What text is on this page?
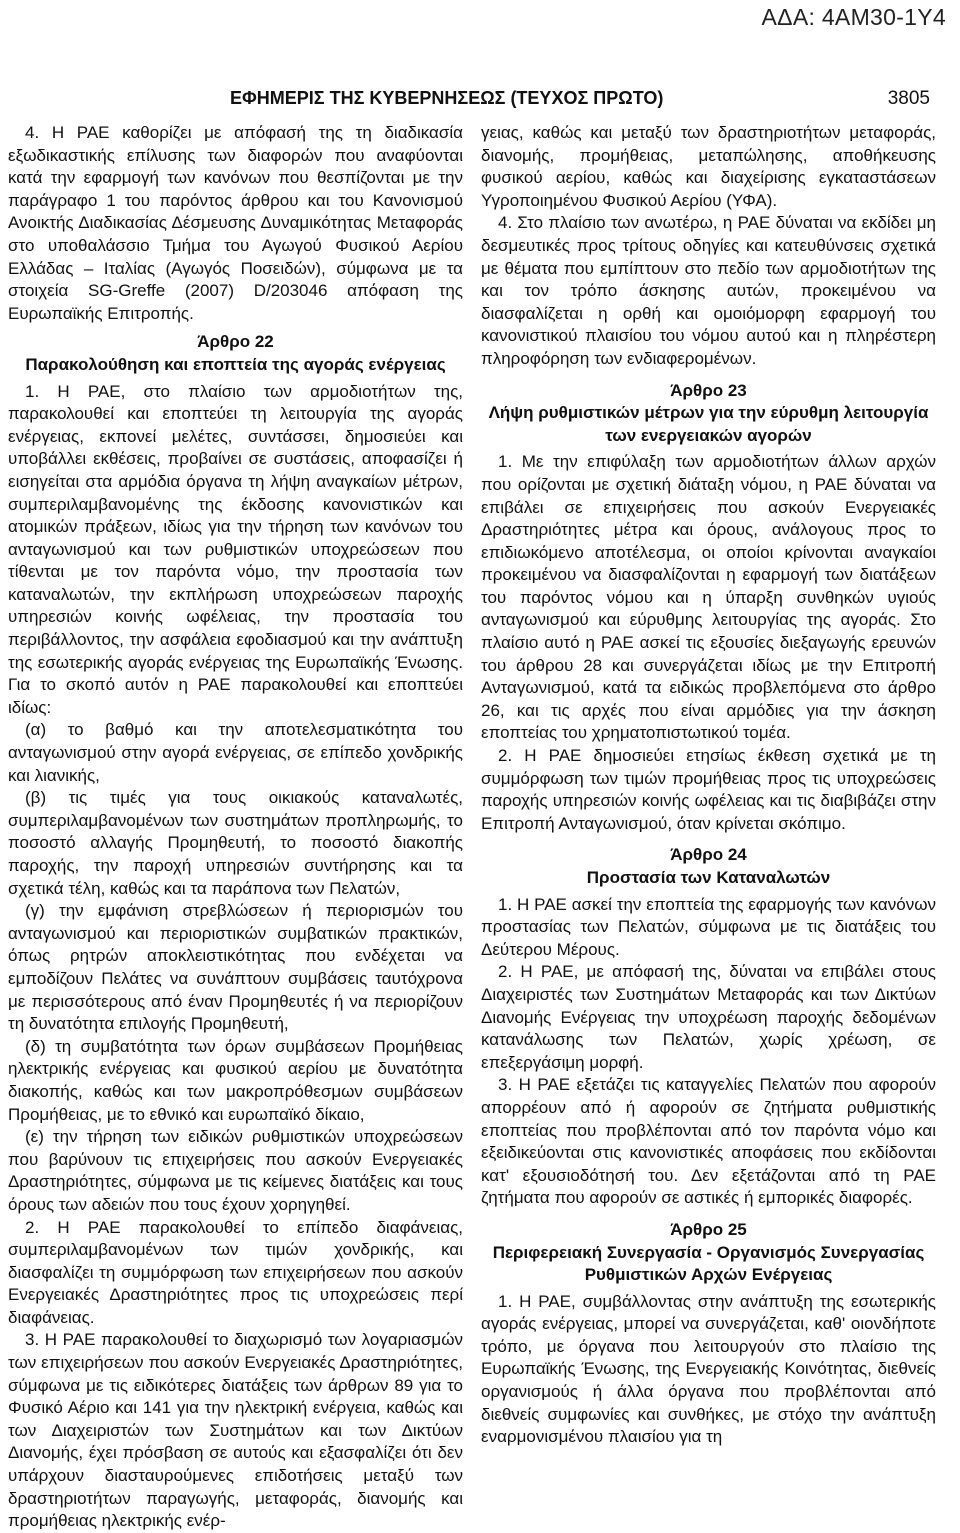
ΑΔΑ: 4ΑΜ30-1Υ4
ΕΦΗΜΕΡΙΣ ΤΗΣ ΚΥΒΕΡΝΗΣΕΩΣ (ΤΕΥΧΟΣ ΠΡΩΤΟ)	3805

4. Η ΡΑΕ καθορίζει με απόφασή της τη διαδικασία εξωδικαστικής επίλυσης των διαφορών που αναφύονται κατά την εφαρμογή των κανόνων που θεσπίζονται με την παράγραφο 1 του παρόντος άρθρου και του Κανονισμού Ανοικτής Διαδικασίας Δέσμευσης Δυναμικότητας Μεταφοράς στο υποθαλάσσιο Τμήμα του Αγωγού Φυσικού Αερίου Ελλάδας – Ιταλίας (Αγωγός Ποσειδών), σύμφωνα με τα στοιχεία SG-Greffe (2007) D/203046 απόφαση της Ευρωπαϊκής Επιτροπής.

Άρθρο 22
Παρακολούθηση και εποπτεία της αγοράς ενέργειας

1. Η ΡΑΕ, στο πλαίσιο των αρμοδιοτήτων της, παρακολουθεί και εποπτεύει τη λειτουργία της αγοράς ενέργειας, εκπονεί μελέτες, συντάσσει, δημοσιεύει και υποβάλλει εκθέσεις, προβαίνει σε συστάσεις, αποφασίζει ή εισηγείται στα αρμόδια όργανα τη λήψη αναγκαίων μέτρων, συμπεριλαμβανομένης της έκδοσης κανονιστικών και ατομικών πράξεων, ιδίως για την τήρηση των κανόνων του ανταγωνισμού και των ρυθμιστικών υποχρεώσεων που τίθενται με τον παρόντα νόμο, την προστασία των καταναλωτών, την εκπλήρωση υποχρεώσεων παροχής υπηρεσιών κοινής ωφέλειας, την προστασία του περιβάλλοντος, την ασφάλεια εφοδιασμού και την ανάπτυξη της εσωτερικής αγοράς ενέργειας της Ευρωπαϊκής Ένωσης. Για το σκοπό αυτόν η ΡΑΕ παρακολουθεί και εποπτεύει ιδίως:

(α) το βαθμό και την αποτελεσματικότητα του ανταγωνισμού στην αγορά ενέργειας, σε επίπεδο χονδρικής και λιανικής,

(β) τις τιμές για τους οικιακούς καταναλωτές, συμπεριλαμβανομένων των συστημάτων προπληρωμής, το ποσοστό αλλαγής Προμηθευτή, το ποσοστό διακοπής παροχής, την παροχή υπηρεσιών συντήρησης και τα σχετικά τέλη, καθώς και τα παράπονα των Πελατών,

(γ) την εμφάνιση στρεβλώσεων ή περιορισμών του ανταγωνισμού και περιοριστικών συμβατικών πρακτικών, όπως ρητρών αποκλειστικότητας που ενδέχεται να εμποδίζουν Πελάτες να συνάπτουν συμβάσεις ταυτόχρονα με περισσότερους από έναν Προμηθευτές ή να περιορίζουν τη δυνατότητα επιλογής Προμηθευτή,

(δ) τη συμβατότητα των όρων συμβάσεων Προμήθειας ηλεκτρικής ενέργειας και φυσικού αερίου με δυνατότητα διακοπής, καθώς και των μακροπρόθεσμων συμβάσεων Προμήθειας, με το εθνικό και ευρωπαϊκό δίκαιο,

(ε) την τήρηση των ειδικών ρυθμιστικών υποχρεώσεων που βαρύνουν τις επιχειρήσεις που ασκούν Ενεργειακές Δραστηριότητες, σύμφωνα με τις κείμενες διατάξεις και τους όρους των αδειών που τους έχουν χορηγηθεί.

2. Η ΡΑΕ παρακολουθεί το επίπεδο διαφάνειας, συμπεριλαμβανομένων των τιμών χονδρικής, και διασφαλίζει τη συμμόρφωση των επιχειρήσεων που ασκούν Ενεργειακές Δραστηριότητες προς τις υποχρεώσεις περί διαφάνειας.

3. Η ΡΑΕ παρακολουθεί το διαχωρισμό των λογαριασμών των επιχειρήσεων που ασκούν Ενεργειακές Δραστηριότητες, σύμφωνα με τις ειδικότερες διατάξεις των άρθρων 89 για το Φυσικό Αέριο και 141 για την ηλεκτρική ενέργεια, καθώς και των Διαχειριστών των Συστημάτων και των Δικτύων Διανομής, έχει πρόσβαση σε αυτούς και εξασφαλίζει ότι δεν υπάρχουν διασταυρούμενες επιδοτήσεις μεταξύ των δραστηριοτήτων παραγωγής, μεταφοράς, διανομής και προμήθειας ηλεκτρικής ενέρ-

γειας, καθώς και μεταξύ των δραστηριοτήτων μεταφοράς, διανομής, προμήθειας, μεταπώλησης, αποθήκευσης φυσικού αερίου, καθώς και διαχείρισης εγκαταστάσεων Υγροποιημένου Φυσικού Αερίου (ΥΦΑ).

4. Στο πλαίσιο των ανωτέρω, η ΡΑΕ δύναται να εκδίδει μη δεσμευτικές προς τρίτους οδηγίες και κατευθύνσεις σχετικά με θέματα που εμπίπτουν στο πεδίο των αρμοδιοτήτων της και τον τρόπο άσκησης αυτών, προκειμένου να διασφαλίζεται η ορθή και ομοιόμορφη εφαρμογή του κανονιστικού πλαισίου του νόμου αυτού και η πληρέστερη πληροφόρηση των ενδιαφερομένων.

Άρθρο 23
Λήψη ρυθμιστικών μέτρων για την εύρυθμη λειτουργία των ενεργειακών αγορών

1. Με την επιφύλαξη των αρμοδιοτήτων άλλων αρχών που ορίζονται με σχετική διάταξη νόμου, η ΡΑΕ δύναται να επιβάλει σε επιχειρήσεις που ασκούν Ενεργειακές Δραστηριότητες μέτρα και όρους, ανάλογους προς το επιδιωκόμενο αποτέλεσμα, οι οποίοι κρίνονται αναγκαίοι προκειμένου να διασφαλίζονται η εφαρμογή των διατάξεων του παρόντος νόμου και η ύπαρξη συνθηκών υγιούς ανταγωνισμού και εύρυθμης λειτουργίας της αγοράς. Στο πλαίσιο αυτό η ΡΑΕ ασκεί τις εξουσίες διεξαγωγής ερευνών του άρθρου 28 και συνεργάζεται ιδίως με την Επιτροπή Ανταγωνισμού, κατά τα ειδικώς προβλεπόμενα στο άρθρο 26, και τις αρχές που είναι αρμόδιες για την άσκηση εποπτείας του χρηματοπιστωτικού τομέα.

2. Η ΡΑΕ δημοσιεύει ετησίως έκθεση σχετικά με τη συμμόρφωση των τιμών προμήθειας προς τις υποχρεώσεις παροχής υπηρεσιών κοινής ωφέλειας και τις διαβιβάζει στην Επιτροπή Ανταγωνισμού, όταν κρίνεται σκόπιμο.

Άρθρο 24
Προστασία των Καταναλωτών

1. Η ΡΑΕ ασκεί την εποπτεία της εφαρμογής των κανόνων προστασίας των Πελατών, σύμφωνα με τις διατάξεις του Δεύτερου Μέρους.

2. Η ΡΑΕ, με απόφασή της, δύναται να επιβάλει στους Διαχειριστές των Συστημάτων Μεταφοράς και των Δικτύων Διανομής Ενέργειας την υποχρέωση παροχής δεδομένων κατανάλωσης των Πελατών, χωρίς χρέωση, σε επεξεργάσιμη μορφή.

3. Η ΡΑΕ εξετάζει τις καταγγελίες Πελατών που αφορούν απορρέουν από ή αφορούν σε ζητήματα ρυθμιστικής εποπτείας που προβλέπονται από τον παρόντα νόμο και εξειδικεύονται στις κανονιστικές αποφάσεις που εκδίδονται κατ' εξουσιοδότησή του. Δεν εξετάζονται από τη ΡΑΕ ζητήματα που αφορούν σε αστικές ή εμπορικές διαφορές.

Άρθρο 25
Περιφερειακή Συνεργασία - Οργανισμός Συνεργασίας Ρυθμιστικών Αρχών Ενέργειας

1. Η ΡΑΕ, συμβάλλοντας στην ανάπτυξη της εσωτερικής αγοράς ενέργειας, μπορεί να συνεργάζεται, καθ' οιονδήποτε τρόπο, με όργανα που λειτουργούν στο πλαίσιο της Ευρωπαϊκής Ένωσης, της Ενεργειακής Κοινότητας, διεθνείς οργανισμούς ή άλλα όργανα που προβλέπονται από διεθνείς συμφωνίες και συνθήκες, με στόχο την ανάπτυξη εναρμονισμένου πλαισίου για τη
